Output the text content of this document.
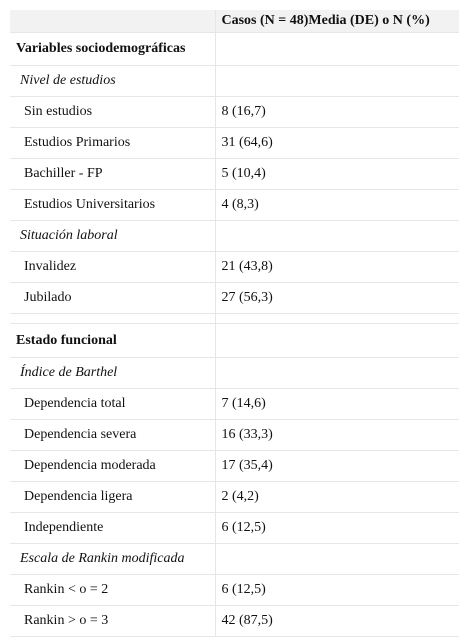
	Casos (N = 48)Media (DE) o N (%)
Variables sociodemográficas	
Nivel de estudios	
Sin estudios	8 (16,7)
Estudios Primarios	31 (64,6)
Bachiller - FP	5 (10,4)
Estudios Universitarios	4 (8,3)
Situación laboral	
Invalidez	21 (43,8)
Jubilado	27 (56,3)

Estado funcional	
Índice de Barthel	
Dependencia total	7 (14,6)
Dependencia severa	16 (33,3)
Dependencia moderada	17 (35,4)
Dependencia ligera	2 (4,2)
Independiente	6 (12,5)
Escala de Rankin modificada	
Rankin < o = 2	6 (12,5)
Rankin > o = 3	42 (87,5)
